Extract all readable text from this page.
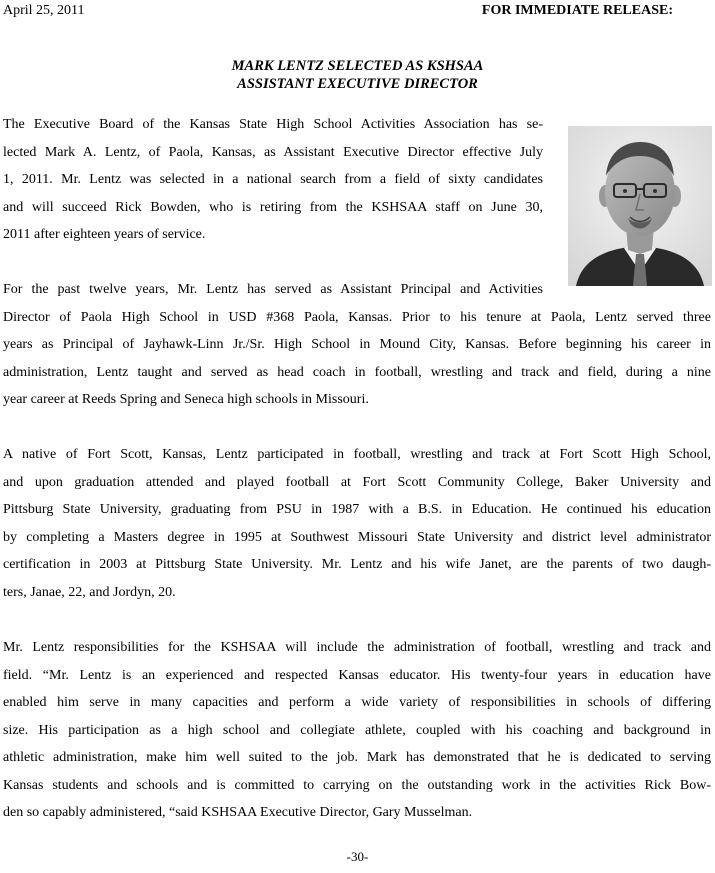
April 25, 2011	FOR IMMEDIATE RELEASE:
MARK LENTZ SELECTED AS KSHSAA
ASSISTANT EXECUTIVE DIRECTOR
The Executive Board of the Kansas State High School Activities Association has se-
lected Mark A. Lentz, of Paola, Kansas, as Assistant Executive Director effective July
1, 2011. Mr. Lentz was selected in a national search from a field of sixty candidates
and will succeed Rick Bowden, who is retiring from the KSHSAA staff on June 30,
2011 after eighteen years of service.
For the past twelve years, Mr. Lentz has served as Assistant Principal and Activities
Director of Paola High School in USD #368 Paola, Kansas. Prior to his tenure at Paola, Lentz served three
years as Principal of Jayhawk-Linn Jr./Sr. High School in Mound City, Kansas. Before beginning his career in
administration, Lentz taught and served as head coach in football, wrestling and track and field, during a nine
year career at Reeds Spring and Seneca high schools in Missouri.
A native of Fort Scott, Kansas, Lentz participated in football, wrestling and track at Fort Scott High School,
and upon graduation attended and played football at Fort Scott Community College, Baker University and
Pittsburg State University, graduating from PSU in 1987 with a B.S. in Education. He continued his education
by completing a Masters degree in 1995 at Southwest Missouri State University and district level administrator
certification in 2003 at Pittsburg State University. Mr. Lentz and his wife Janet, are the parents of two daugh-
ters, Janae, 22, and Jordyn, 20.
Mr. Lentz responsibilities for the KSHSAA will include the administration of football, wrestling and track and
field. “Mr. Lentz is an experienced and respected Kansas educator. His twenty-four years in education have
enabled him serve in many capacities and perform a wide variety of responsibilities in schools of differing
size. His participation as a high school and collegiate athlete, coupled with his coaching and background in
athletic administration, make him well suited to the job. Mark has demonstrated that he is dedicated to serving
Kansas students and schools and is committed to carrying on the outstanding work in the activities Rick Bow-
den so capably administered, “said KSHSAA Executive Director, Gary Musselman.
-30-
